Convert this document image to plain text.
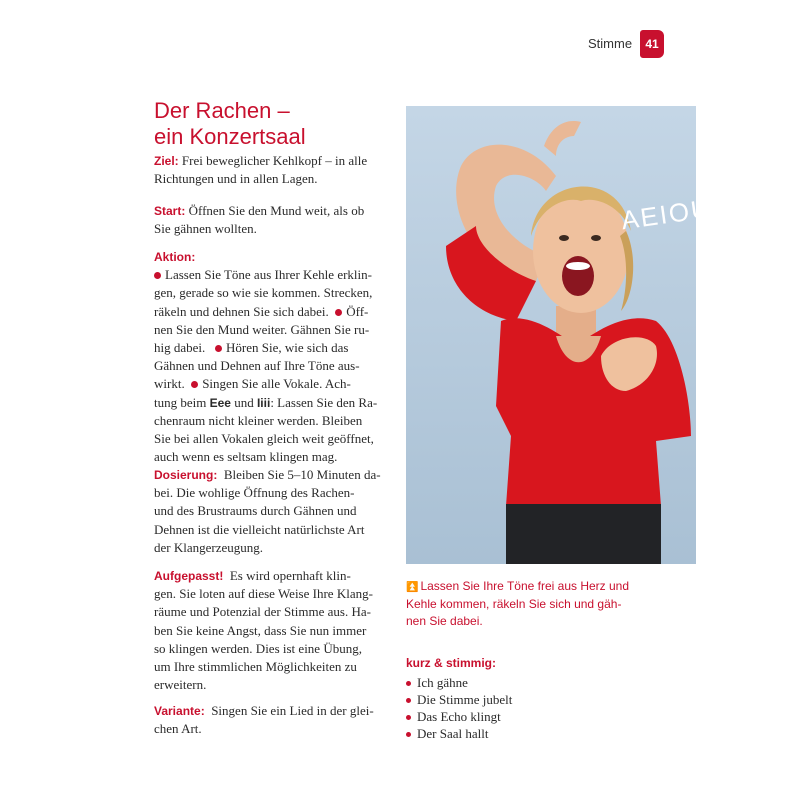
Stimme	41
Der Rachen –
ein Konzertsaal
Ziel: Frei beweglicher Kehlkopf – in alle
Richtungen und in allen Lagen.
Start: Öffnen Sie den Mund weit, als ob
Sie gähnen wollten.
Aktion:
Lassen Sie Töne aus Ihrer Kehle erklin-
gen, gerade so wie sie kommen. Strecken,
räkeln und dehnen Sie sich dabei. Öff-
nen Sie den Mund weiter. Gähnen Sie ru-
hig dabei. Hören Sie, wie sich das
Gähnen und Dehnen auf Ihre Töne aus-
wirkt. Singen Sie alle Vokale. Ach-
tung beim Eee und Iiii: Lassen Sie den Ra-
chenraum nicht kleiner werden. Bleiben
Sie bei allen Vokalen gleich weit geöffnet,
auch wenn es seltsam klingen mag.
Dosierung: Bleiben Sie 5–10 Minuten da-
bei. Die wohlige Öffnung des Rachen-
und des Brustraums durch Gähnen und
Dehnen ist die vielleicht natürlichste Art
der Klangerzeugung.
Aufgepasst! Es wird opernhaft klin-
gen. Sie loten auf diese Weise Ihre Klang-
räume und Potenzial der Stimme aus. Ha-
ben Sie keine Angst, dass Sie nun immer
so klingen werden. Dies ist eine Übung,
um Ihre stimmlichen Möglichkeiten zu
erweitern.
Variante: Singen Sie ein Lied in der glei-
chen Art.
AEIOU
⏫ Lassen Sie Ihre Töne frei aus Herz und
Kehle kommen, räkeln Sie sich und gäh-
nen Sie dabei.
kurz & stimmig:
Ich gähne
Die Stimme jubelt
Das Echo klingt
Der Saal hallt
